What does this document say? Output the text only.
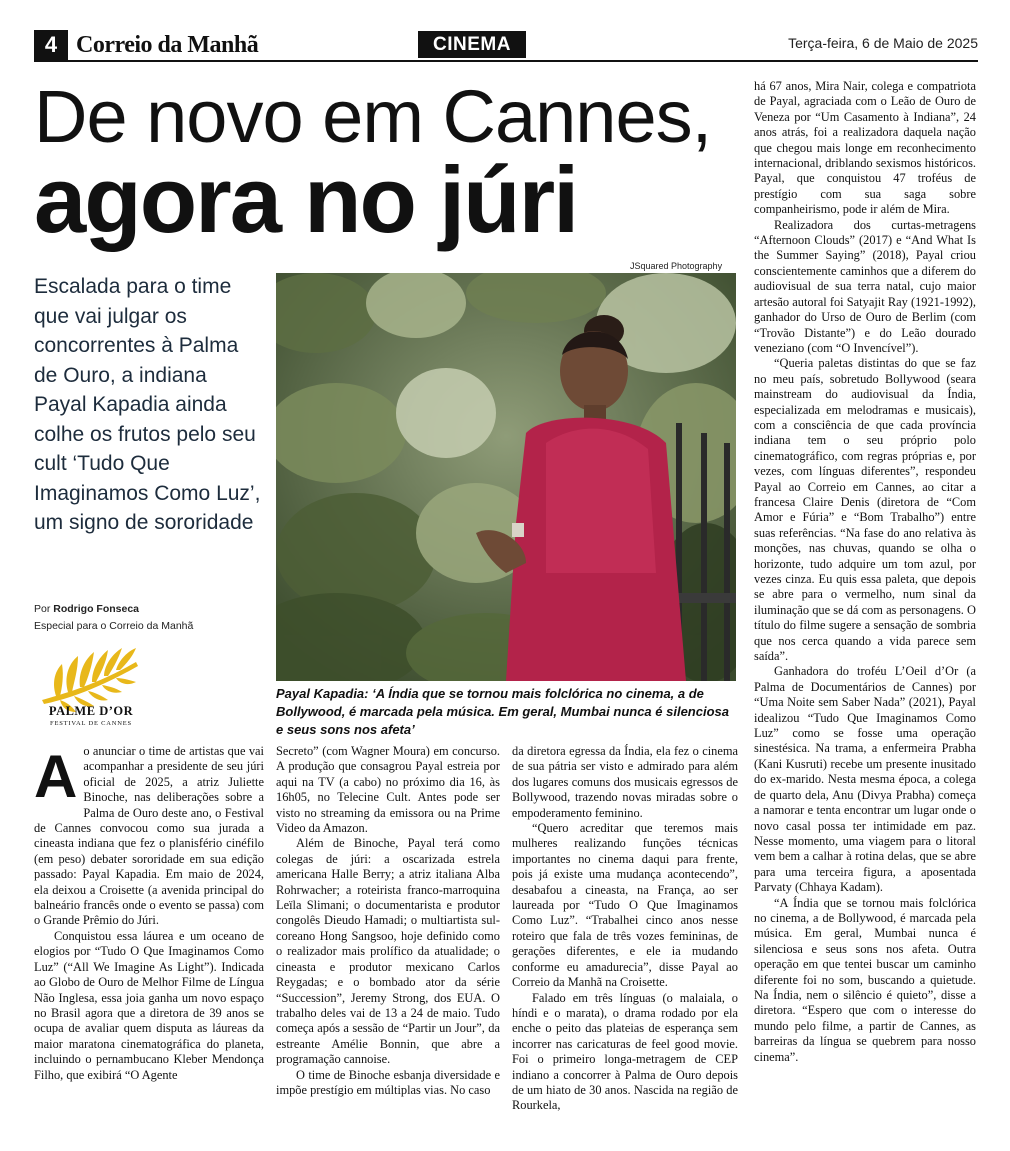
4 Correio da Manhã	CINEMA	Terça-feira, 6 de Maio de 2025
De novo em Cannes,
agora no júri
Escalada para o time que vai julgar os concorrentes à Palma de Ouro, a indiana Payal Kapadia ainda colhe os frutos pelo seu cult ‘Tudo Que Imaginamos Como Luz’, um signo de sororidade
Por Rodrigo Fonseca
Especial para o Correio da Manhã
PALME D’OR
FESTIVAL DE CANNES
JSquared Photography
Payal Kapadia: ‘A Índia que se tornou mais folclórica no cinema, a de Bollywood, é marcada pela música. Em geral, Mumbai nunca é silenciosa e seus sons nos afeta’
A o anunciar o time de artistas que vai acompanhar a presidente de seu júri oficial de 2025, a atriz Juliette Binoche, nas deliberações sobre a Palma de Ouro deste ano, o Festival de Cannes convocou como sua jurada a cineasta indiana que fez o planisfério cinéfilo (em peso) debater sororidade em sua edição passado: Payal Kapadia. Em maio de 2024, ela deixou a Croisette (a avenida principal do balneário francês onde o evento se passa) com o Grande Prêmio do Júri.

Conquistou essa láurea e um oceano de elogios por “Tudo O Que Imaginamos Como Luz” (“All We Imagine As Light”). Indicada ao Globo de Ouro de Melhor Filme de Língua Não Inglesa, essa joia ganha um novo espaço no Brasil agora que a diretora de 39 anos se ocupa de avaliar quem disputa as láureas da maior maratona cinematográfica do planeta, incluindo o pernambucano Kleber Mendonça Filho, que exibirá “O Agente

Secreto” (com Wagner Moura) em concurso. A produção que consagrou Payal estreia por aqui na TV (a cabo) no próximo dia 16, às 16h05, no Telecine Cult. Antes pode ser visto no streaming da emissora ou na Prime Video da Amazon.

Além de Binoche, Payal terá como colegas de júri: a oscarizada estrela americana Halle Berry; a atriz italiana Alba Rohrwacher; a roteirista franco-marroquina Leïla Slimani; o documentarista e produtor congolês Dieudo Hamadi; o multiartista sul-coreano Hong Sangsoo, hoje definido como o realizador mais prolífico da atualidade; o cineasta e produtor mexicano Carlos Reygadas; e o bombado ator da série “Succession”, Jeremy Strong, dos EUA. O trabalho deles vai de 13 a 24 de maio. Tudo começa após a sessão de “Partir un Jour”, da estreante Amélie Bonnin, que abre a programação cannoise.

O time de Binoche esbanja diversidade e impõe prestígio em múltiplas vias. No caso

da diretora egressa da Índia, ela fez o cinema de sua pátria ser visto e admirado para além dos lugares comuns dos musicais egressos de Bollywood, trazendo novas miradas sobre o empoderamento feminino.

“Quero acreditar que teremos mais mulheres realizando funções técnicas importantes no cinema daqui para frente, pois já existe uma mudança acontecendo”, desabafou a cineasta, na França, ao ser laureada por “Tudo O Que Imaginamos Como Luz”. “Trabalhei cinco anos nesse roteiro que fala de três vozes femininas, de gerações diferentes, e ele ia mudando conforme eu amadurecia”, disse Payal ao Correio da Manhã na Croisette.

Falado em três línguas (o malaiala, o híndi e o marata), o drama rodado por ela enche o peito das plateias de esperança sem incorrer nas caricaturas de feel good movie. Foi o primeiro longa-metragem de CEP indiano a concorrer à Palma de Ouro depois de um hiato de 30 anos. Nascida na região de Rourkela,

há 67 anos, Mira Nair, colega e compatriota de Payal, agraciada com o Leão de Ouro de Veneza por “Um Casamento à Indiana”, 24 anos atrás, foi a realizadora daquela nação que chegou mais longe em reconhecimento internacional, driblando sexismos históricos. Payal, que conquistou 47 troféus de prestígio com sua saga sobre companheirismo, pode ir além de Mira.

Realizadora dos curtas-metragens “Afternoon Clouds” (2017) e “And What Is the Summer Saying” (2018), Payal criou conscientemente caminhos que a diferem do audiovisual de sua terra natal, cujo maior artesão autoral foi Satyajit Ray (1921-1992), ganhador do Urso de Ouro de Berlim (com “Trovão Distante”) e do Leão dourado veneziano (com “O Invencível”).

“Queria paletas distintas do que se faz no meu país, sobretudo Bollywood (seara mainstream do audiovisual da Índia, especializada em melodramas e musicais), com a consciência de que cada província indiana tem o seu próprio polo cinematográfico, com regras próprias e, por vezes, com línguas diferentes”, respondeu Payal ao Correio em Cannes, ao citar a francesa Claire Denis (diretora de “Com Amor e Fúria” e “Bom Trabalho”) entre suas referências. “Na fase do ano relativa às monções, nas chuvas, quando se olha o horizonte, tudo adquire um tom azul, por vezes cinza. Eu quis essa paleta, que depois se abre para o vermelho, num sinal da iluminação que se dá com as personagens. O título do filme sugere a sensação de sombria que nos cerca quando a vida parece sem saída”.

Ganhadora do troféu L’Oeil d’Or (a Palma de Documentários de Cannes) por “Uma Noite sem Saber Nada” (2021), Payal idealizou “Tudo Que Imaginamos Como Luz” como se fosse uma operação sinestésica. Na trama, a enfermeira Prabha (Kani Kusruti) recebe um presente inusitado do ex-marido. Nesta mesma época, a colega de quarto dela, Anu (Divya Prabha) começa a namorar e tenta encontrar um lugar onde o novo casal possa ter intimidade em paz. Nesse momento, uma viagem para o litoral vem bem a calhar à rotina delas, que se abre para uma terceira figura, a aposentada Parvaty (Chhaya Kadam).

“A Índia que se tornou mais folclórica no cinema, a de Bollywood, é marcada pela música. Em geral, Mumbai nunca é silenciosa e seus sons nos afeta. Outra operação em que tentei buscar um caminho diferente foi no som, buscando a quietude. Na Índia, nem o silêncio é quieto”, disse a diretora. “Espero que com o interesse do mundo pelo filme, a partir de Cannes, as barreiras da língua se quebrem para nosso cinema”.
